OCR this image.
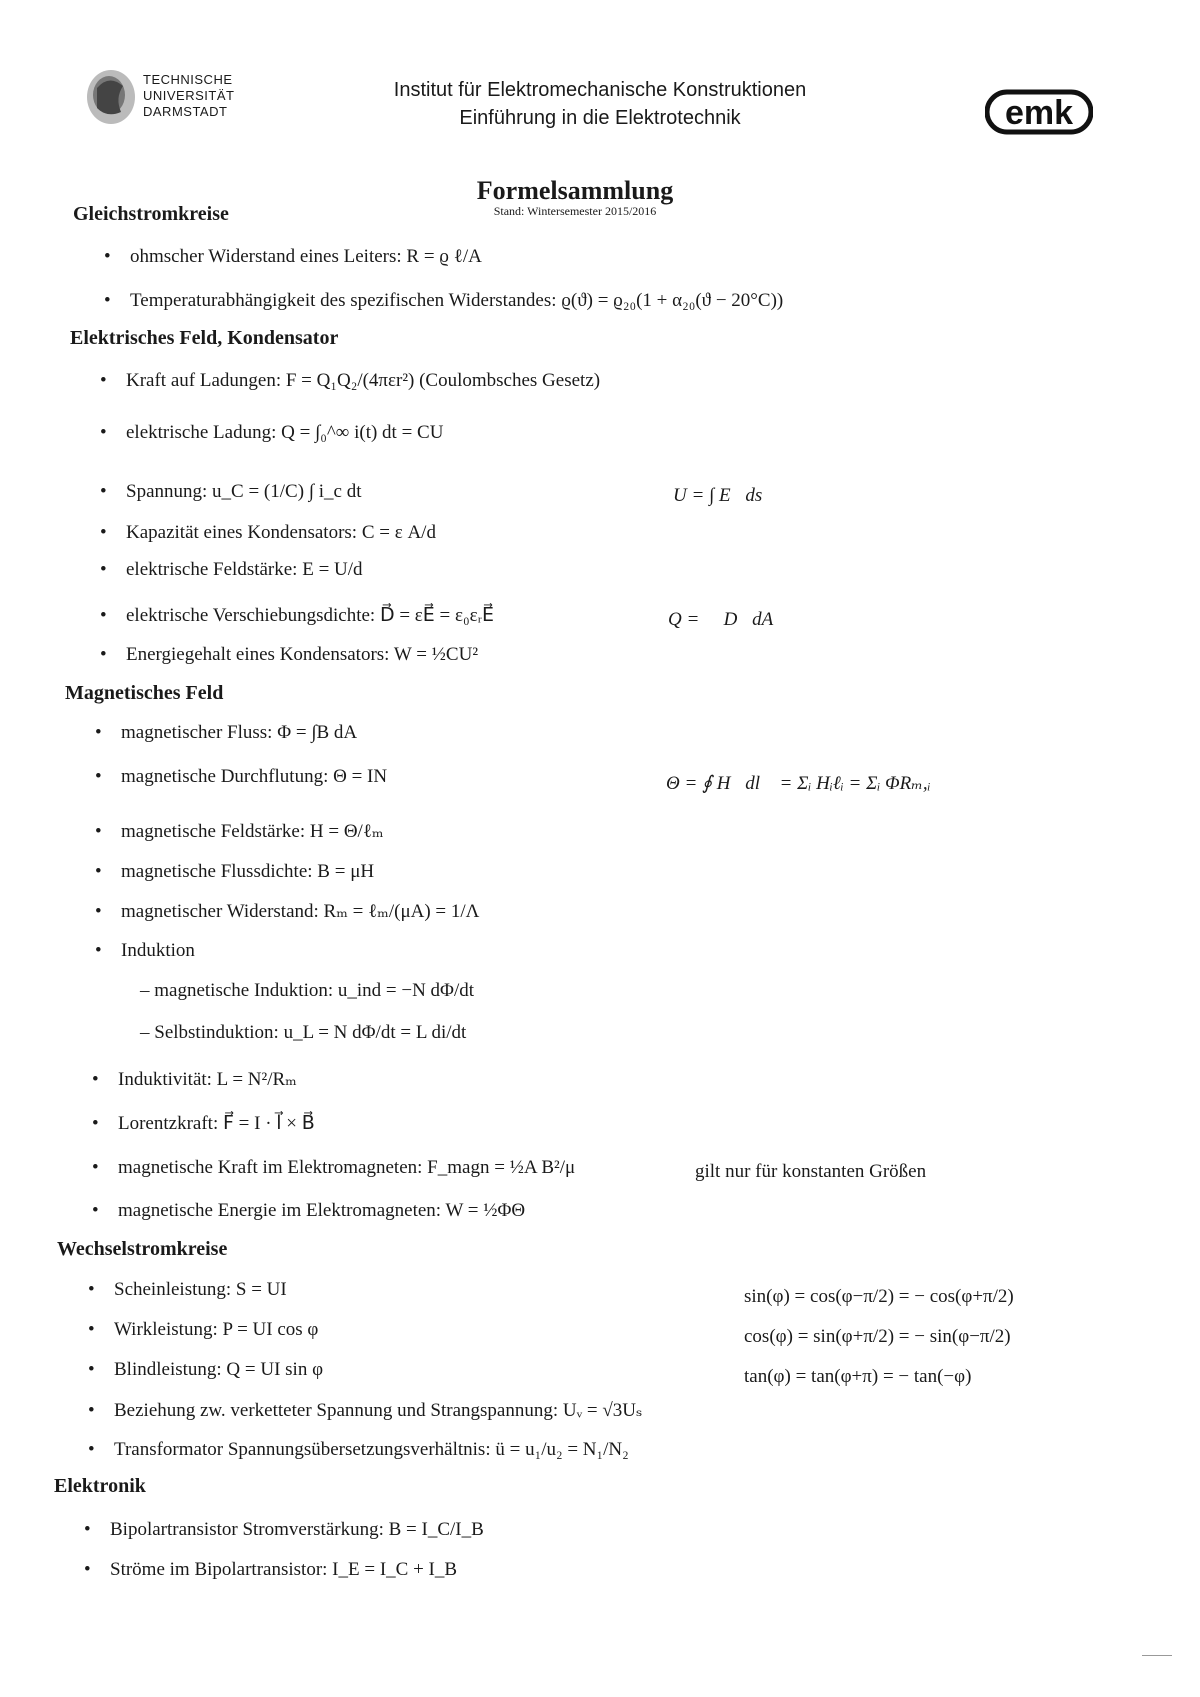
TECHNISCHE
UNIVERSITÄT
DARMSTADT
Institut für Elektromechanische Konstruktionen
Einführung in die Elektrotechnik	emk
Formelsammlung
Stand: Wintersemester 2015/2016
Gleichstromkreise
• ohmscher Widerstand eines Leiters: R = ϱ ℓ/A
• Temperaturabhängigkeit des spezifischen Widerstandes: ϱ(ϑ) = ϱ₂₀(1 + α₂₀(ϑ − 20°C))
Elektrisches Feld, Kondensator
• Kraft auf Ladungen: F = Q₁Q₂/(4πεr²) (Coulombsches Gesetz)
• elektrische Ladung: Q = ∫₀^∞ i(t) dt = CU
• Spannung: u_C = (1/C) ∫ i_c dt
• Kapazität eines Kondensators: C = ε A/d
• elektrische Feldstärke: E = U/d
• elektrische Verschiebungsdichte: D⃗ = εE⃗ = ε₀εᵣE⃗
• Energiegehalt eines Kondensators: W = ½CU²
U = ∫ E⃗ds⃗
Q = ∮ D⃗dA⃗
Magnetisches Feld
• magnetischer Fluss: Φ = ∫B dA
• magnetische Durchflutung: Θ = IN
• magnetische Feldstärke: H = Θ/ℓₘ
• magnetische Flussdichte: B = μH
• magnetischer Widerstand: Rₘ = ℓₘ/(μA) = 1/Λ
• Induktion
– magnetische Induktion: u_ind = −N dΦ/dt
– Selbstinduktion: u_L = N dΦ/dt = L di/dt
• Induktivität: L = N²/Rₘ
• Lorentzkraft: F⃗ = I · l⃗ × B⃗
• magnetische Kraft im Elektromagneten: F_magn = ½A B²/μ
• magnetische Energie im Elektromagneten: W = ½ΦΘ
Θ = ∮ H⃗dl⃗ = Σᵢ Hᵢℓᵢ = Σᵢ ΦRₘ,ᵢ
gilt nur für konstanten Größen
Wechselstromkreise
• Scheinleistung: S = UI
• Wirkleistung: P = UI cos φ
• Blindleistung: Q = UI sin φ
• Beziehung zw. verketteter Spannung und Strangspannung: Uᵥ = √3Uₛ
• Transformator Spannungsübersetzungsverhältnis: ü = u₁/u₂ = N₁/N₂
sin(φ) = cos(φ−π/2) = − cos(φ+π/2)
cos(φ) = sin(φ+π/2) = − sin(φ−π/2)
tan(φ) = tan(φ+π) = − tan(−φ)
Elektronik
• Bipolartransistor Stromverstärkung: B = I_C/I_B
• Ströme im Bipolartransistor: I_E = I_C + I_B
